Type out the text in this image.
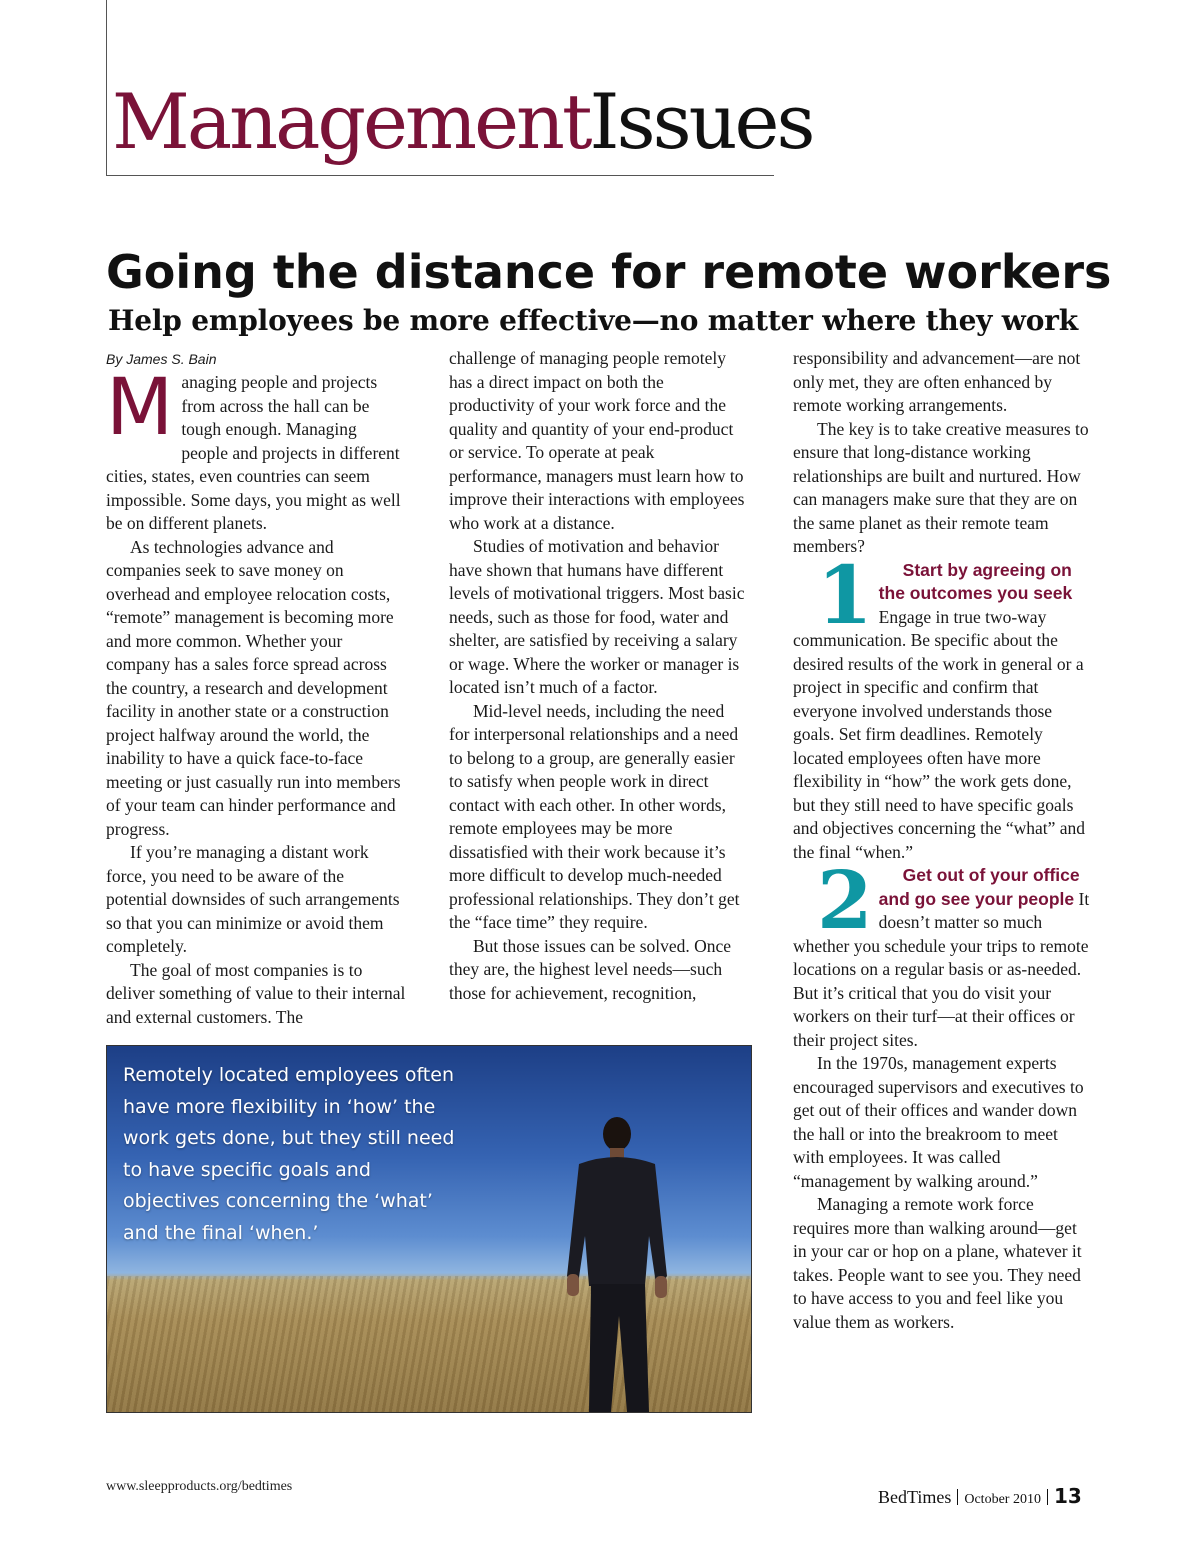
ManagementIssues
Going the distance for remote workers
Help employees be more effective—no matter where they work

By James S. Bain

Managing people and projects from across the hall can be tough enough. Managing people and projects in different cities, states, even countries can seem impossible. Some days, you might as well be on different planets.

As technologies advance and companies seek to save money on overhead and employee relocation costs, “remote” management is becoming more and more common. Whether your company has a sales force spread across the country, a research and development facility in another state or a construction project halfway around the world, the inability to have a quick face-to-face meeting or just casually run into members of your team can hinder performance and progress.

If you’re managing a distant work force, you need to be aware of the potential downsides of such arrangements so that you can minimize or avoid them completely.

The goal of most companies is to deliver something of value to their internal and external customers. The

challenge of managing people remotely has a direct impact on both the productivity of your work force and the quality and quantity of your end-product or service. To operate at peak performance, managers must learn how to improve their interactions with employees who work at a distance.

Studies of motivation and behavior have shown that humans have different levels of motivational triggers. Most basic needs, such as those for food, water and shelter, are satisfied by receiving a salary or wage. Where the worker or manager is located isn’t much of a factor.

Mid-level needs, including the need for interpersonal relationships and a need to belong to a group, are generally easier to satisfy when people work in direct contact with each other. In other words, remote employees may be more dissatisfied with their work because it’s more difficult to develop much-needed professional relationships. They don’t get the “face time” they require.

But those issues can be solved. Once they are, the highest level needs—such those for achievement, recognition,

responsibility and advancement—are not only met, they are often enhanced by remote working arrangements.

The key is to take creative measures to ensure that long-distance working relationships are built and nurtured. How can managers make sure that they are on the same planet as their remote team members?

1 Start by agreeing on the outcomes you seek Engage in true two-way communication. Be specific about the desired results of the work in general or a project in specific and confirm that everyone involved understands those goals. Set firm deadlines. Remotely located employees often have more flexibility in “how” the work gets done, but they still need to have specific goals and objectives concerning the “what” and the final “when.”

2 Get out of your office and go see your people It doesn’t matter so much whether you schedule your trips to remote locations on a regular basis or as-needed. But it’s critical that you do visit your workers on their turf—at their offices or their project sites.

In the 1970s, management experts encouraged supervisors and executives to get out of their offices and wander down the hall or into the breakroom to meet with employees. It was called “management by walking around.”

Managing a remote work force requires more than walking around—get in your car or hop on a plane, whatever it takes. People want to see you. They need to have access to you and feel like you value them as workers.

Remotely located employees often have more flexibility in ‘how’ the work gets done, but they still need to have specific goals and objectives concerning the ‘what’ and the final ‘when.’

www.sleepproducts.org/bedtimes
BedTimes October 2010 13
